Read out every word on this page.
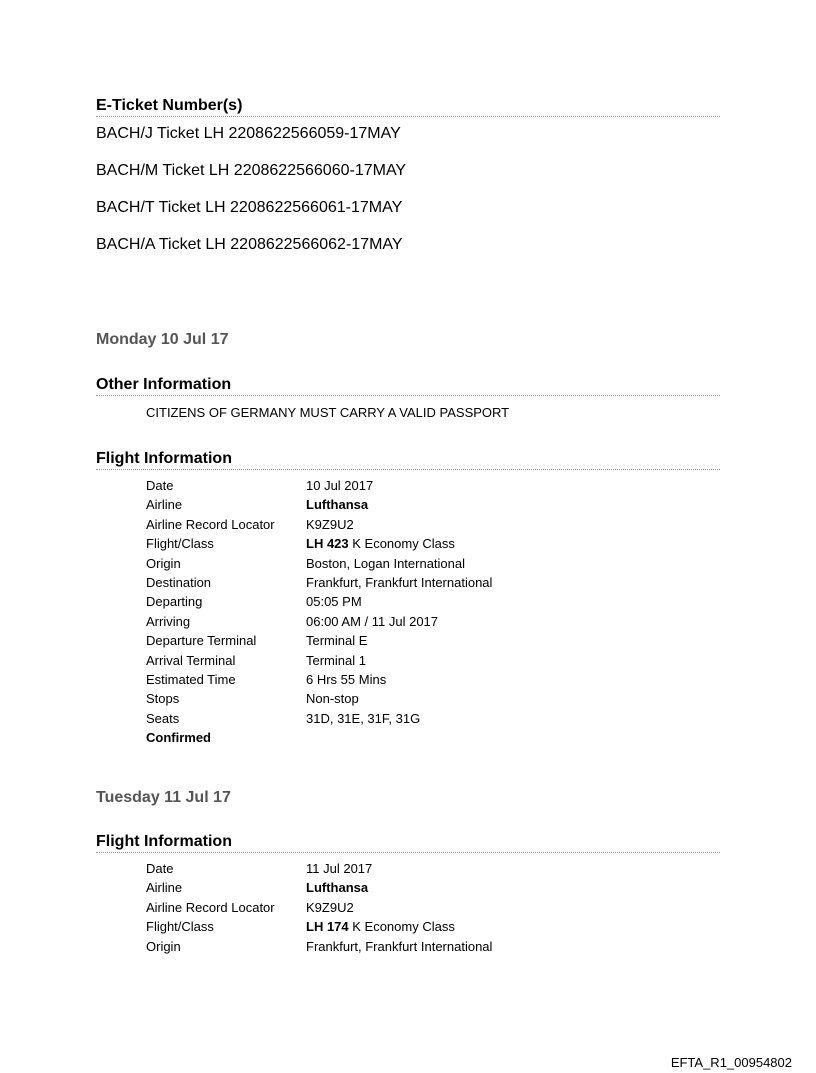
E-Ticket Number(s)
BACH/J Ticket LH 2208622566059-17MAY
BACH/M Ticket LH 2208622566060-17MAY
BACH/T Ticket LH 2208622566061-17MAY
BACH/A Ticket LH 2208622566062-17MAY
Monday 10 Jul 17
Other Information
CITIZENS OF GERMANY MUST CARRY A VALID PASSPORT
Flight Information
Date	10 Jul 2017
Airline	Lufthansa
Airline Record Locator K9Z9U2
Flight/Class	LH 423 K Economy Class
Origin	Boston, Logan International
Destination	Frankfurt, Frankfurt International
Departing	05:05 PM
Arriving	06:00 AM / 11 Jul 2017
Departure Terminal	Terminal E
Arrival Terminal	Terminal 1
Estimated Time	6 Hrs 55 Mins
Stops	Non-stop
Seats	31D, 31E, 31F, 31G
Confirmed
Tuesday 11 Jul 17
Flight Information
Date	11 Jul 2017
Airline	Lufthansa
Airline Record Locator K9Z9U2
Flight/Class	LH 174 K Economy Class
Origin	Frankfurt, Frankfurt International
EFTA_R1_00954802
